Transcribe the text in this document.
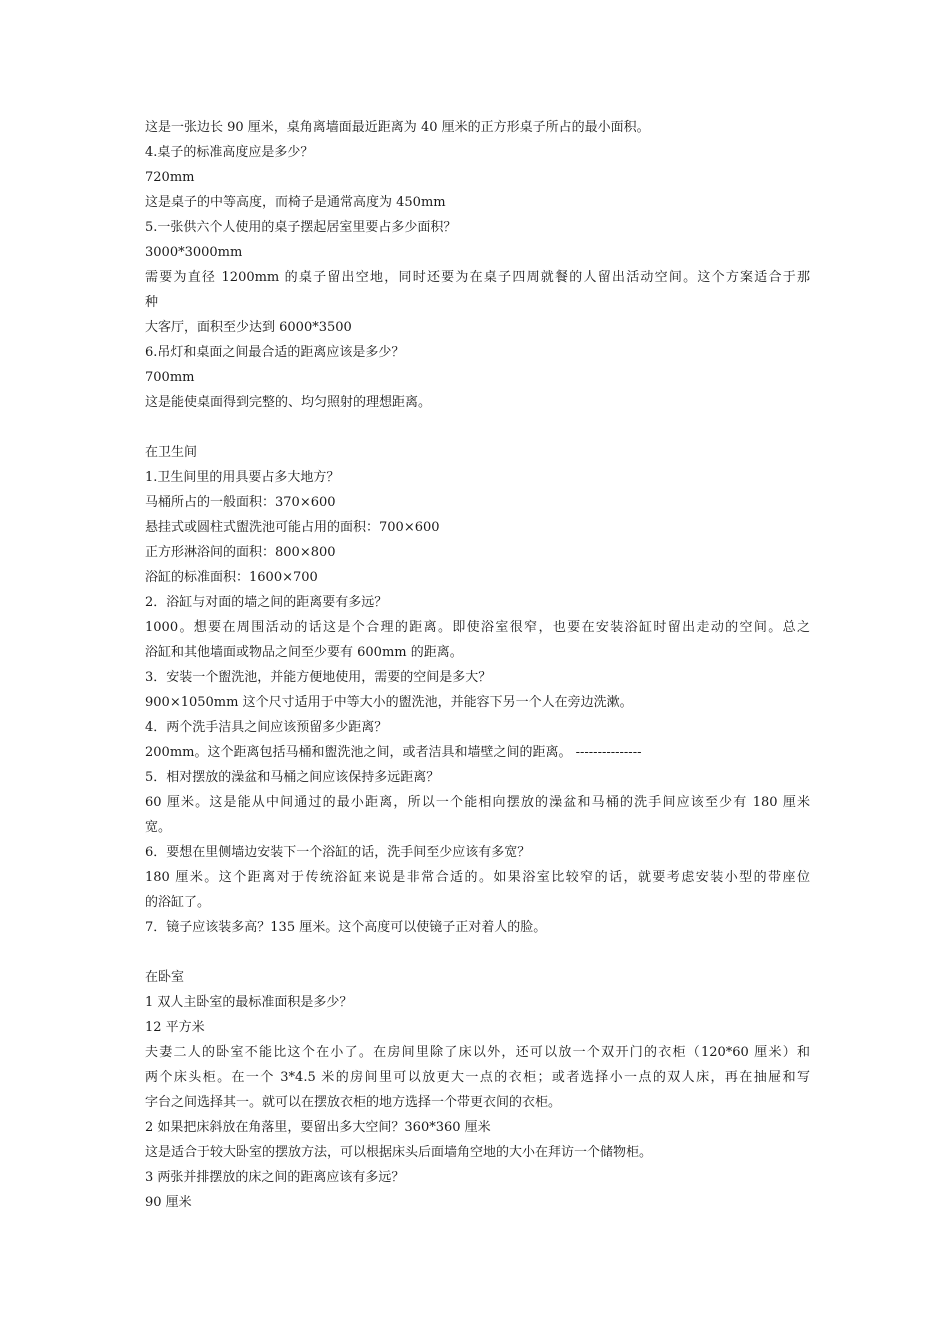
这是一张边长 90 厘米，桌角离墙面最近距离为 40 厘米的正方形桌子所占的最小面积。
4.桌子的标准高度应是多少？
720mm
这是桌子的中等高度，而椅子是通常高度为 450mm
5.一张供六个人使用的桌子摆起居室里要占多少面积？
3000*3000mm
需要为直径 1200mm 的桌子留出空地，同时还要为在桌子四周就餐的人留出活动空间。这个方案适合于那
种
大客厅，面积至少达到 6000*3500
6.吊灯和桌面之间最合适的距离应该是多少？
700mm
这是能使桌面得到完整的、均匀照射的理想距离。
在卫生间
1.卫生间里的用具要占多大地方？
马桶所占的一般面积：370×600
悬挂式或圆柱式盥洗池可能占用的面积：700×600
正方形淋浴间的面积：800×800
浴缸的标准面积：1600×700
2．浴缸与对面的墙之间的距离要有多远？
1000。想要在周围活动的话这是个合理的距离。即使浴室很窄，也要在安装浴缸时留出走动的空间。总之
浴缸和其他墙面或物品之间至少要有 600mm 的距离。
3．安装一个盥洗池，并能方便地使用，需要的空间是多大？
900×1050mm 这个尺寸适用于中等大小的盥洗池，并能容下另一个人在旁边洗漱。
4．两个洗手洁具之间应该预留多少距离？
200mm。这个距离包括马桶和盥洗池之间，或者洁具和墙壁之间的距离。 ---------------
5．相对摆放的澡盆和马桶之间应该保持多远距离？
60 厘米。这是能从中间通过的最小距离，所以一个能相向摆放的澡盆和马桶的洗手间应该至少有 180 厘米
宽。
6．要想在里侧墙边安装下一个浴缸的话，洗手间至少应该有多宽？
180 厘米。这个距离对于传统浴缸来说是非常合适的。如果浴室比较窄的话，就要考虑安装小型的带座位
的浴缸了。
7．镜子应该装多高？135 厘米。这个高度可以使镜子正对着人的脸。
在卧室
1 双人主卧室的最标准面积是多少？
12 平方米
夫妻二人的卧室不能比这个在小了。在房间里除了床以外，还可以放一个双开门的衣柜（120*60 厘米）和
两个床头柜。在一个 3*4.5 米的房间里可以放更大一点的衣柜；或者选择小一点的双人床，再在抽屉和写
字台之间选择其一。就可以在摆放衣柜的地方选择一个带更衣间的衣柜。
2 如果把床斜放在角落里，要留出多大空间？360*360 厘米
这是适合于较大卧室的摆放方法，可以根据床头后面墙角空地的大小在拜访一个储物柜。
3 两张并排摆放的床之间的距离应该有多远？
90 厘米
